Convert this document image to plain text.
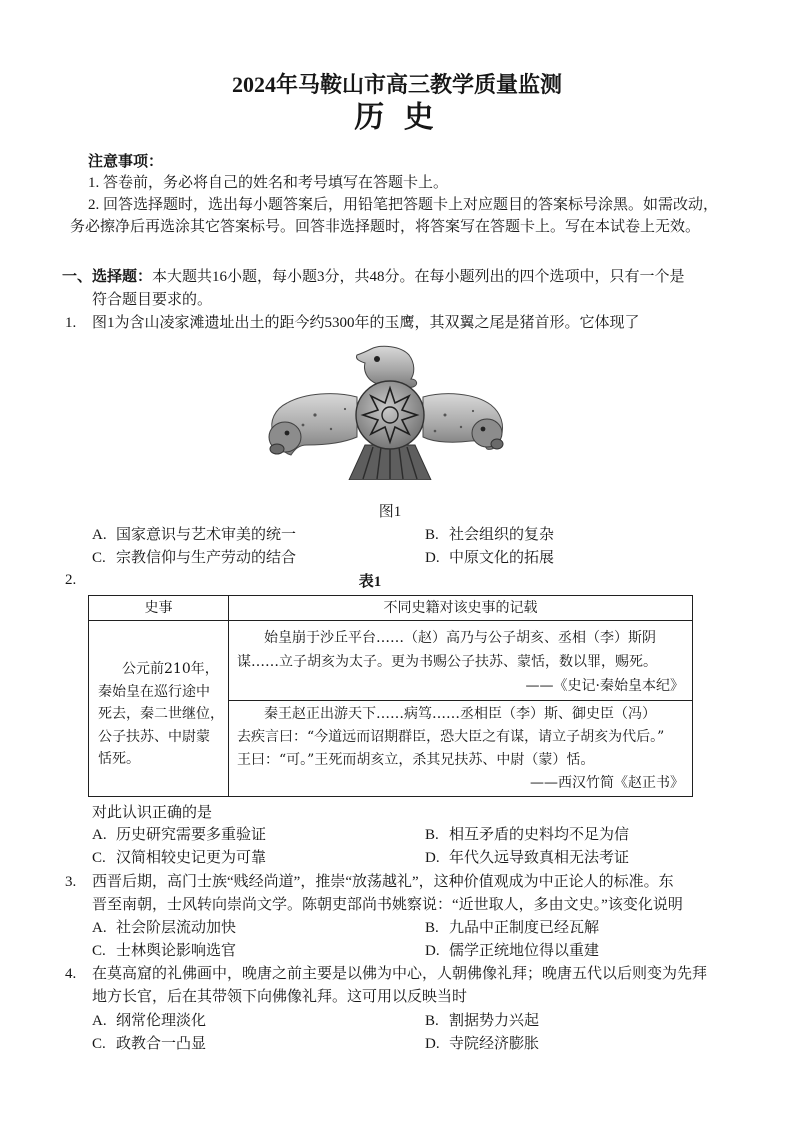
2024年马鞍山市高三教学质量监测
历 史
注意事项：
1. 答卷前，务必将自己的姓名和考号填写在答题卡上。
2. 回答选择题时，选出每小题答案后，用铅笔把答题卡上对应题目的答案标号涂黑。如需改动，
务必擦净后再选涂其它答案标号。回答非选择题时，将答案写在答题卡上。写在本试卷上无效。
一、选择题：本大题共16小题，每小题3分，共48分。在每小题列出的四个选项中，只有一个是
符合题目要求的。
1. 图1为含山凌家滩遗址出土的距今约5300年的玉鹰，其双翼之尾是猪首形。它体现了
图1
A. 国家意识与艺术审美的统一	B. 社会组织的复杂
C. 宗教信仰与生产劳动的结合	D. 中原文化的拓展
2.	表1
史事	不同史籍对该史事的记载
公元前210年，
秦始皇在巡行途中
死去，秦二世继位，
公子扶苏、中尉蒙
恬死。
始皇崩于沙丘平台……（赵）高乃与公子胡亥、丞相（李）斯阴
谋……立子胡亥为太子。更为书赐公子扶苏、蒙恬，数以罪，赐死。
——《史记·秦始皇本纪》
秦王赵正出游天下……病笃……丞相臣（李）斯、御史臣（冯）
去疾言曰：“今道远而诏期群臣，恐大臣之有谋，请立子胡亥为代后。”
王曰：“可。”王死而胡亥立，杀其兄扶苏、中尉（蒙）恬。
——西汉竹简《赵正书》
对此认识正确的是
A. 历史研究需要多重验证	B. 相互矛盾的史料均不足为信
C. 汉简相较史记更为可靠	D. 年代久远导致真相无法考证
3. 西晋后期，高门士族“贱经尚道”，推崇“放荡越礼”，这种价值观成为中正论人的标准。东
晋至南朝，士风转向崇尚文学。陈朝吏部尚书姚察说：“近世取人，多由文史。”该变化说明
A. 社会阶层流动加快	B. 九品中正制度已经瓦解
C. 士林舆论影响选官	D. 儒学正统地位得以重建
4. 在莫高窟的礼佛画中，晚唐之前主要是以佛为中心，人朝佛像礼拜；晚唐五代以后则变为先拜
地方长官，后在其带领下向佛像礼拜。这可用以反映当时
A. 纲常伦理淡化	B. 割据势力兴起
C. 政教合一凸显	D. 寺院经济膨胀
